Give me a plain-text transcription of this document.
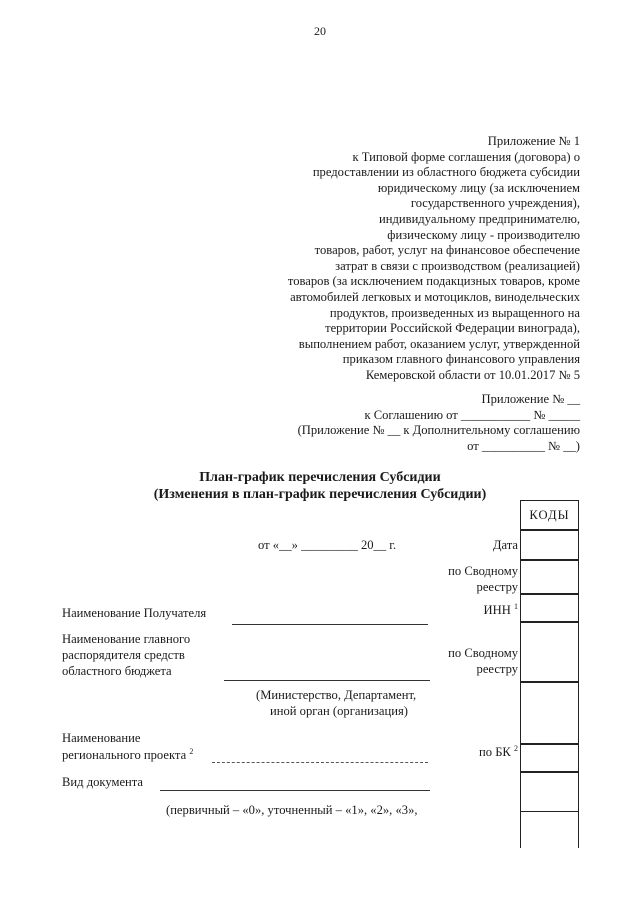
20
Приложение № 1
к Типовой форме соглашения (договора) о
предоставлении из областного бюджета субсидии
юридическому лицу (за исключением
государственного учреждения),
индивидуальному предпринимателю,
физическому лицу - производителю
товаров, работ, услуг на финансовое обеспечение
затрат в связи с производством (реализацией)
товаров (за исключением подакцизных товаров, кроме
автомобилей легковых и мотоциклов, винодельческих
продуктов, произведенных из выращенного на
территории Российской Федерации винограда),
выполнением работ, оказанием услуг, утвержденной
приказом главного финансового управления
Кемеровской области от 10.01.2017 № 5
Приложение № __
к Соглашению от ___________ № _____
(Приложение № __ к Дополнительному соглашению
от __________ № __)
План-график перечисления Субсидии
(Изменения в план-график перечисления Субсидии)
КОДЫ
от «__» _________ 20__ г.	Дата
по Сводному
реестру
ИНН $^1$
по Сводному
реестру
по БК $^2$
Наименование Получателя
Наименование главного
распорядителя средств
областного бюджета
(Министерство, Департамент,
иной орган (организация)
Наименование
регионального проекта $^2$
Вид документа
(первичный – «0», уточненный – «1», «2», «3»,
